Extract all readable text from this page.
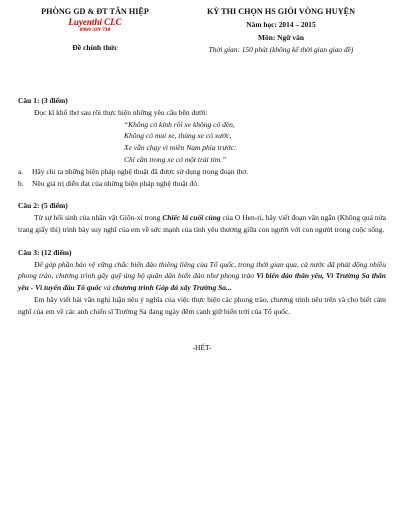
PHÒNG GD & ĐT TÂN HIỆP
Luyenthi CLC
0969 339 738
Đề chính thức
KỲ THI CHỌN HS GIỎI VÒNG HUYỆN
Năm học: 2014 – 2015
Môn: Ngữ văn
Thời gian: 150 phút (không kể thời gian giao đề)
Câu 1: (3 điểm)
Đọc kĩ khổ thơ sau rồi thực hiện những yêu cầu bên dưới:
“Không có kính rồi xe không có đèn,
Không có mui xe, thùng xe có xước,
Xe vẫn chạy vì miền Nam phía trước:
Chỉ cần trong xe có một trái tim.”
a. Hãy chỉ ra những biện pháp nghệ thuật đã được sử dụng trong đoạn thơ.
b. Nêu giá trị diễn đạt của những biện pháp nghệ thuật đó.
Câu 2: (5 điểm)
Từ sự hối sinh của nhân vật Giôn-xi trong Chiếc lá cuối cùng của O Hen-ri, hãy viết đoạn văn ngắn (Không quá nửa trang giấy thi) trình bày suy nghĩ của em về sức mạnh của tình yêu thương giữa con người với con người trong cuộc sống.
Câu 3: (12 điểm)
Để góp phần bảo vệ vững chắc biển đảo thiêng liêng của Tổ quốc, trong thời gian qua, cả nước đã phát động nhiều phong trào, chương trình gây quỹ ủng hộ quân dân biển đảo như phong trào Vì biển đảo thân yêu, Vì Trường Sa thân yêu - Vì tuyến đầu Tổ quốc và chương trình Góp đá xây Trường Sa...
Em hãy viết bài văn nghị luận nêu ý nghĩa của việc thực hiện các phong trào, chương trình nêu trên và cho biết cảm nghĩ của em về các anh chiến sĩ Trường Sa đang ngày đêm canh giữ biển trời của Tổ quốc.
-HẾT-
